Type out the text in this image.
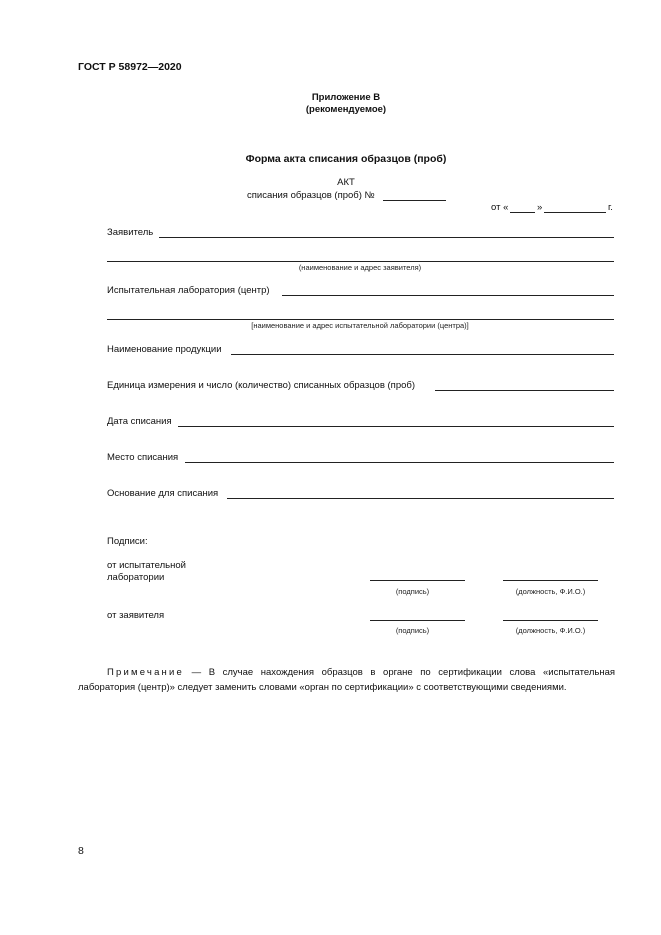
ГОСТ Р 58972—2020
Приложение В
(рекомендуемое)
Форма акта списания образцов (проб)
АКТ
списания образцов (проб) №
от «	»	г.
Заявитель
(наименование и адрес заявителя)
Испытательная лаборатория (центр)
[наименование и адрес испытательной лаборатории (центра)]
Наименование продукции
Единица измерения и число (количество) списанных образцов (проб)
Дата списания
Место списания
Основание для списания
Подписи:
от испытательной
лаборатории
(подпись)	(должность, Ф.И.О.)
от заявителя
(подпись)	(должность, Ф.И.О.)
Примечание — В случае нахождения образцов в органе по сертификации слова «испытательная лаборатория (центр)» следует заменить словами «орган по сертификации» с соответствующими сведениями.
8
